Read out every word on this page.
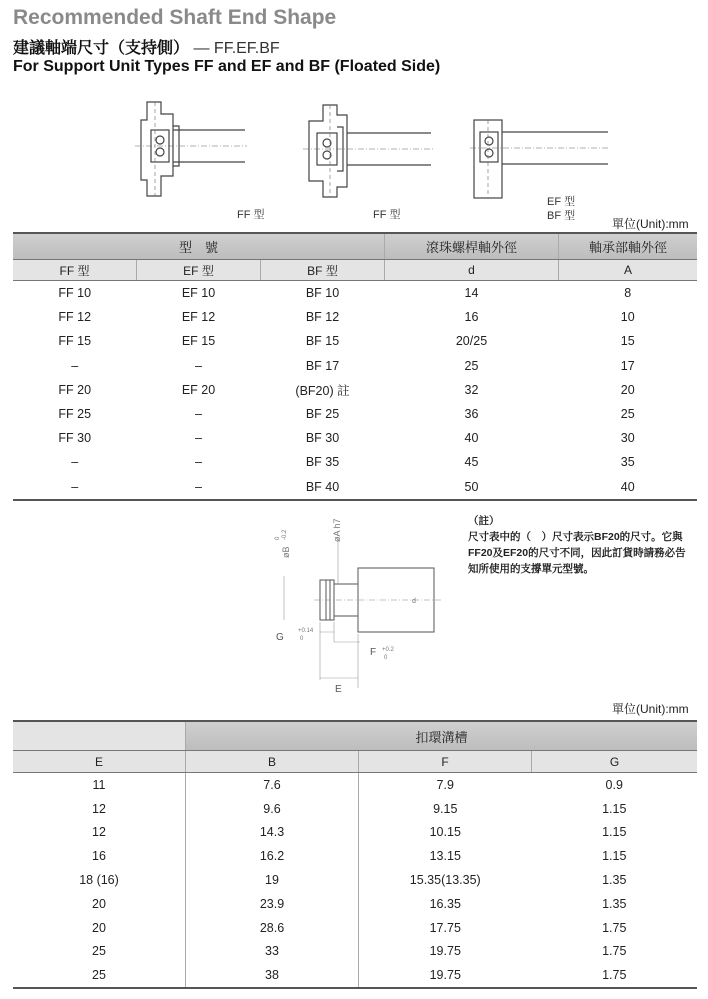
Recommended Shaft End Shape
建議軸端尺寸（支持側） — FF.EF.BF
For Support Unit Types FF and EF and BF (Floated Side)
FF 型	FF 型
EF 型
BF 型
單位(Unit):mm
型　號			滾珠螺桿軸外徑	軸承部軸外徑
FF 型	EF 型	BF 型	d	A
FF 10	EF 10	BF 10	14	8
FF 12	EF 12	BF 12	16	10
FF 15	EF 15	BF 15	20/25	15
–	–	BF 17	25	17
FF 20	EF 20	(BF20) 註	32	20
FF 25	–	BF 25	36	25
FF 30	–	BF 30	40	30
–	–	BF 35	45	35
–	–	BF 40	50	40
øB
0 -0.2	øA h7
d
G
+0.14
0
F +0.2
0
E
（註）
尺寸表中的（　）尺寸表示BF20的尺寸。它與
FF20及EF20的尺寸不同，因此訂貨時請務必告
知所使用的支撐單元型號。
單位(Unit):mm
	扣環溝槽		
E	B	F	G
11	7.6	7.9	0.9
12	9.6	9.15	1.15
12	14.3	10.15	1.15
16	16.2	13.15	1.15
18 (16)	19	15.35(13.35)	1.35
20	23.9	16.35	1.35
20	28.6	17.75	1.75
25	33	19.75	1.75
25	38	19.75	1.75
